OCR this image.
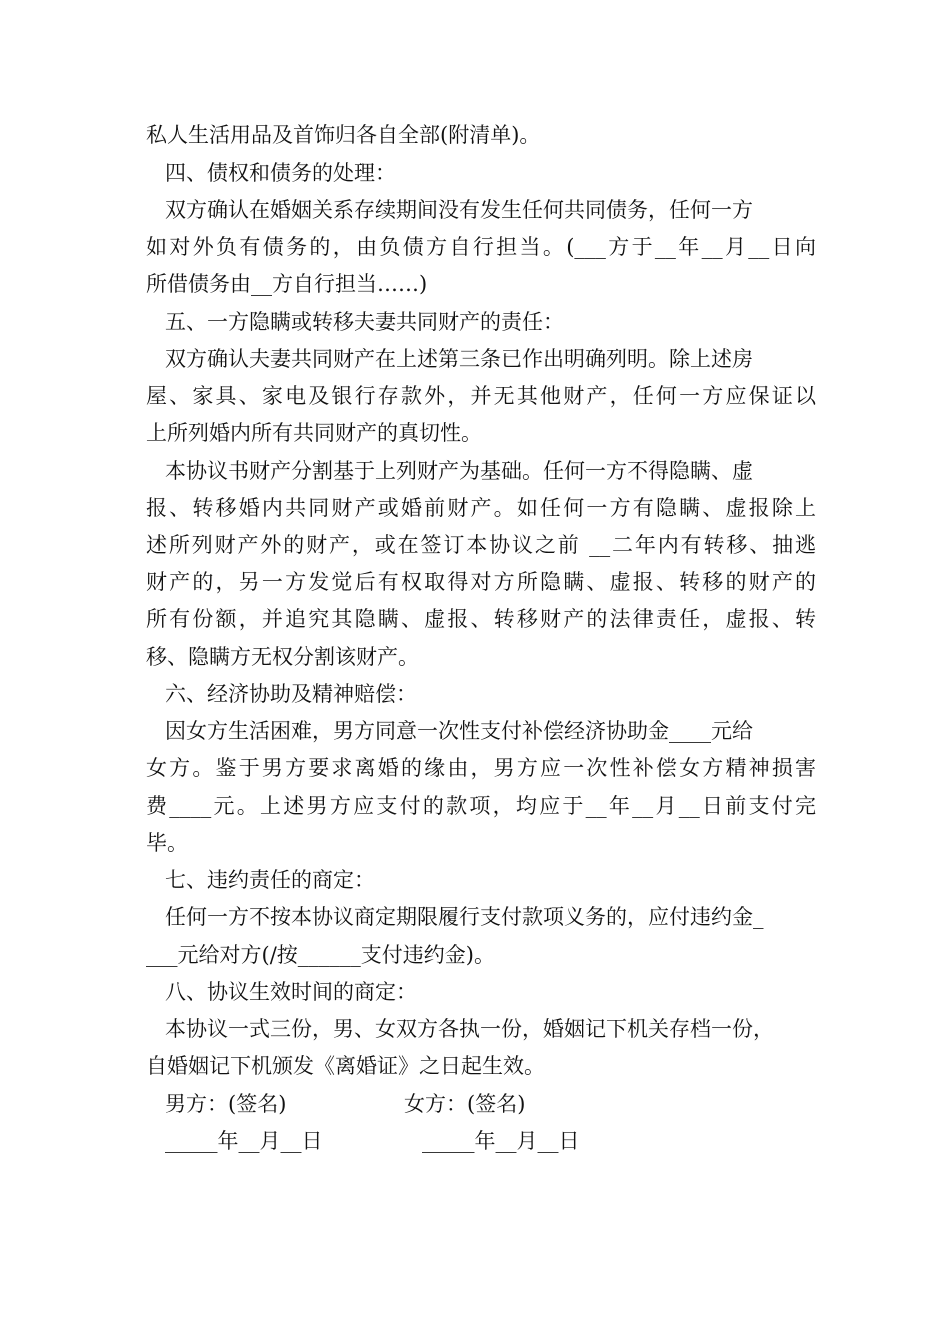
私人生活用品及首饰归各自全部(附清单)。
四、债权和债务的处理：
双方确认在婚姻关系存续期间没有发生任何共同债务，任何一方
如对外负有债务的，由负债方自行担当。(___方于__年__月__日向
所借债务由__方自行担当……)
五、一方隐瞒或转移夫妻共同财产的责任：
双方确认夫妻共同财产在上述第三条已作出明确列明。除上述房
屋、家具、家电及银行存款外，并无其他财产，任何一方应保证以
上所列婚内所有共同财产的真切性。
本协议书财产分割基于上列财产为基础。任何一方不得隐瞒、虚
报、转移婚内共同财产或婚前财产。如任何一方有隐瞒、虚报除上
述所列财产外的财产，或在签订本协议之前 __二年内有转移、抽逃
财产的，另一方发觉后有权取得对方所隐瞒、虚报、转移的财产的
所有份额，并追究其隐瞒、虚报、转移财产的法律责任，虚报、转
移、隐瞒方无权分割该财产。
六、经济协助及精神赔偿：
因女方生活困难，男方同意一次性支付补偿经济协助金____元给
女方。鉴于男方要求离婚的缘由，男方应一次性补偿女方精神损害
费____元。上述男方应支付的款项，均应于__年__月__日前支付完
毕。
七、违约责任的商定：
任何一方不按本协议商定期限履行支付款项义务的，应付违约金_
___元给对方(/按______支付违约金)。
八、协议生效时间的商定：
本协议一式三份，男、女双方各执一份，婚姻记下机关存档一份，
自婚姻记下机颁发《离婚证》之日起生效。
男方：(签名)	女方：(签名)
_____年__月__日	_____年__月__日
